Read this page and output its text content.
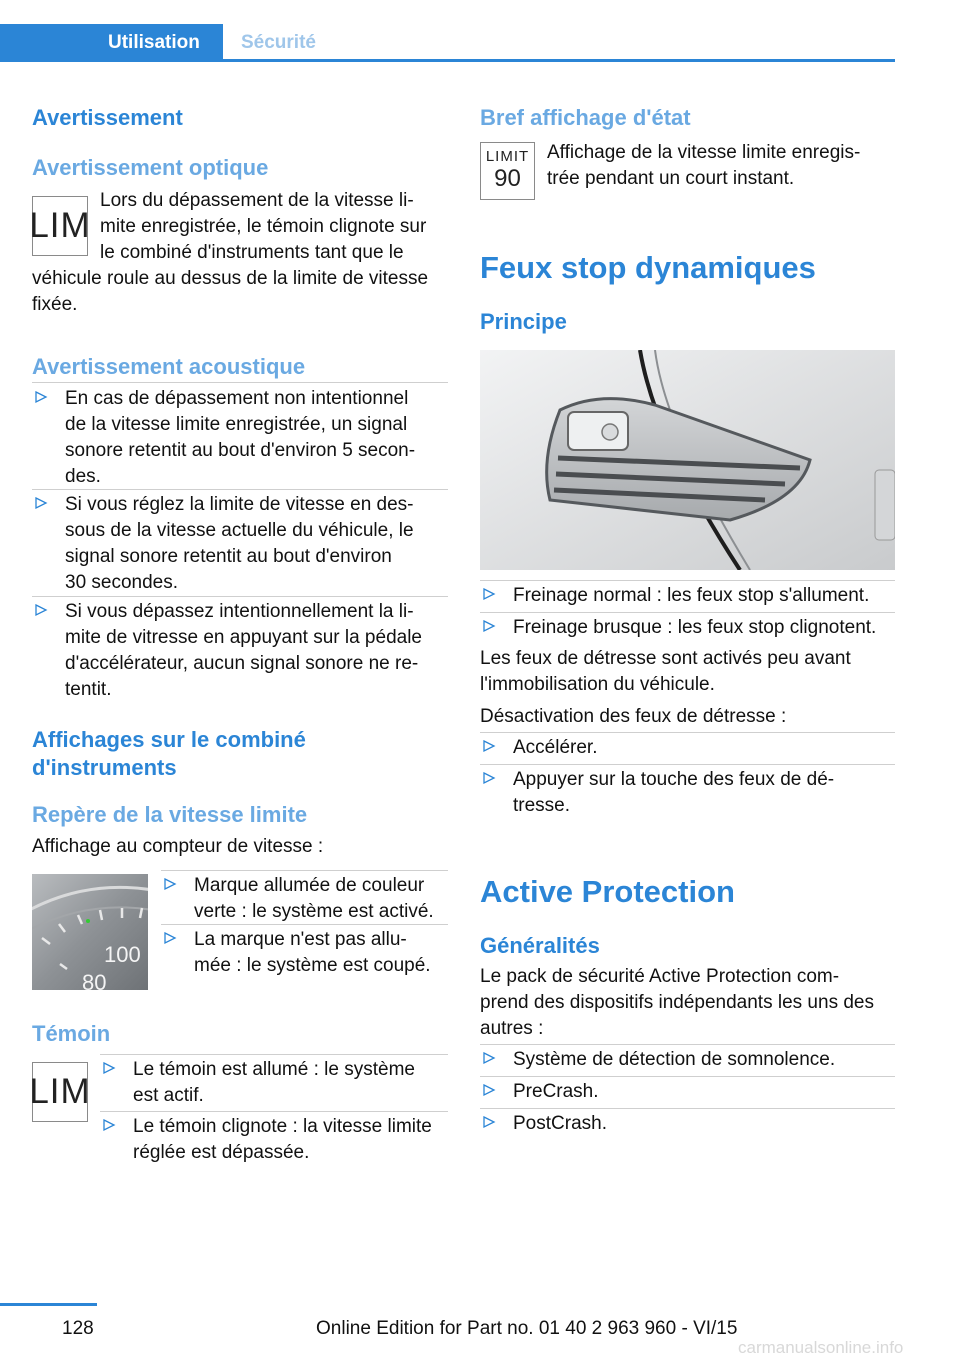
Utilisation Sécurité
Avertissement
Avertissement optique
LIM
Lors du dépassement de la vitesse li-
mite enregistrée, le témoin clignote sur
le combiné d'instruments tant que le
véhicule roule au dessus de la limite de vitesse
fixée.
Avertissement acoustique
En cas de dépassement non intentionnel
de la vitesse limite enregistrée, un signal
sonore retentit au bout d'environ 5 secon-
des.
Si vous réglez la limite de vitesse en des-
sous de la vitesse actuelle du véhicule, le
signal sonore retentit au bout d'environ
30 secondes.
Si vous dépassez intentionnellement la li-
mite de vitresse en appuyant sur la pédale
d'accélérateur, aucun signal sonore ne re-
tentit.
Affichages sur le combiné
d'instruments
Repère de la vitesse limite
Affichage au compteur de vitesse :
100
80
Marque allumée de couleur
verte : le système est activé.
La marque n'est pas allu-
mée : le système est coupé.
Témoin
LIM
Le témoin est allumé : le système
est actif.
Le témoin clignote : la vitesse limite
réglée est dépassée.
Bref affichage d'état
LIMIT
90
Affichage de la vitesse limite enregis-
trée pendant un court instant.
Feux stop dynamiques
Principe
Freinage normal : les feux stop s'allument.
Freinage brusque : les feux stop clignotent.
Les feux de détresse sont activés peu avant
l'immobilisation du véhicule.
Désactivation des feux de détresse :
Accélérer.
Appuyer sur la touche des feux de dé-
tresse.
Active Protection
Généralités
Le pack de sécurité Active Protection com-
prend des dispositifs indépendants les uns des
autres :
Système de détection de somnolence.
PreCrash.
PostCrash.
128	Online Edition for Part no. 01 40 2 963 960 - VI/15
carmanualsonline.info
